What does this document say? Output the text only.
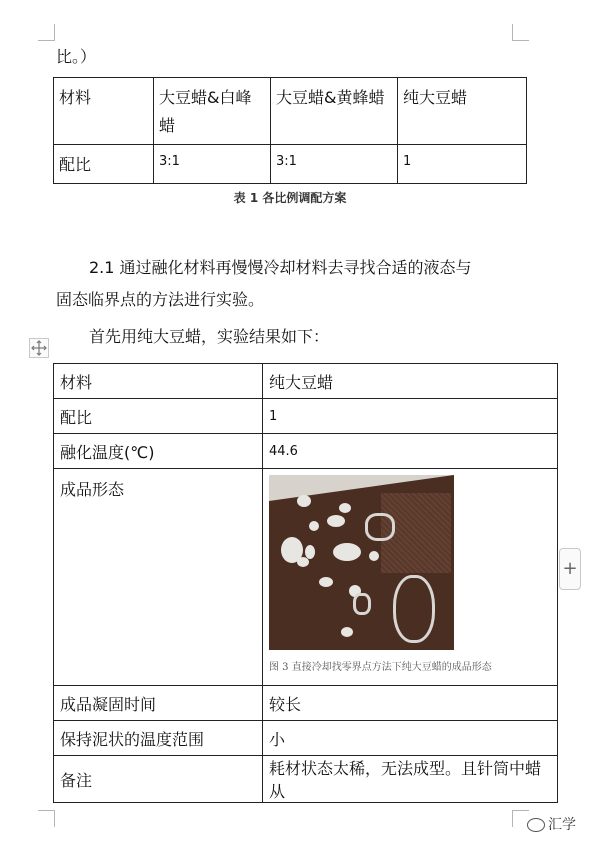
比。）
材料	大豆蜡&白峰蜡	大豆蜡&黄蜂蜡	纯大豆蜡
配比	3:1	3:1	1
表 1 各比例调配方案
2.1 通过融化材料再慢慢冷却材料去寻找合适的液态与
固态临界点的方法进行实验。
首先用纯大豆蜡，实验结果如下：
材料	纯大豆蜡
配比	1
融化温度(℃)	44.6
成品形态	图 3 直接冷却找零界点方法下纯大豆蜡的成品形态

成品凝固时间	较长
保持泥状的温度范围	小
备注	耗材状态太稀，无法成型。且针筒中蜡从
+
汇学
